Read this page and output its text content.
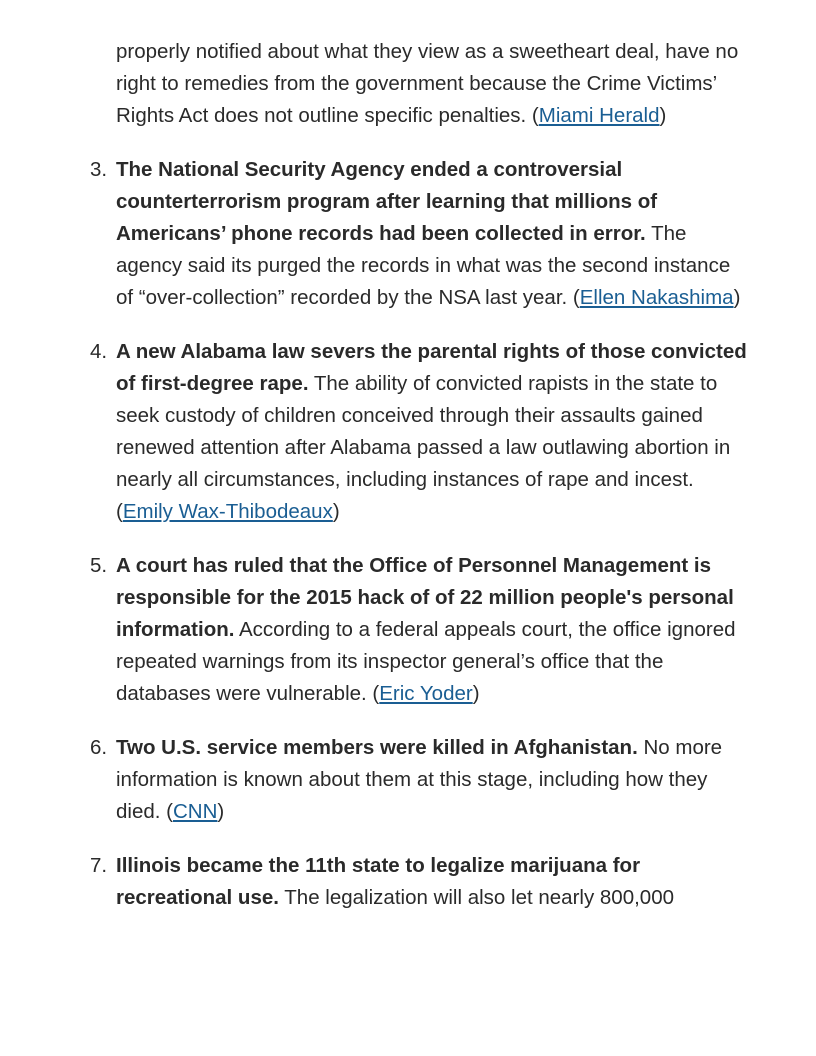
properly notified about what they view as a sweetheart deal, have no right to remedies from the government because the Crime Victims’ Rights Act does not outline specific penalties. (Miami Herald)
3. The National Security Agency ended a controversial counterterrorism program after learning that millions of Americans’ phone records had been collected in error. The agency said its purged the records in what was the second instance of “over-collection” recorded by the NSA last year. (Ellen Nakashima)
4. A new Alabama law severs the parental rights of those convicted of first-degree rape. The ability of convicted rapists in the state to seek custody of children conceived through their assaults gained renewed attention after Alabama passed a law outlawing abortion in nearly all circumstances, including instances of rape and incest. (Emily Wax-Thibodeaux)
5. A court has ruled that the Office of Personnel Management is responsible for the 2015 hack of of 22 million people's personal information. According to a federal appeals court, the office ignored repeated warnings from its inspector general’s office that the databases were vulnerable. (Eric Yoder)
6. Two U.S. service members were killed in Afghanistan. No more information is known about them at this stage, including how they died. (CNN)
7. Illinois became the 11th state to legalize marijuana for recreational use. The legalization will also let nearly 800,000
